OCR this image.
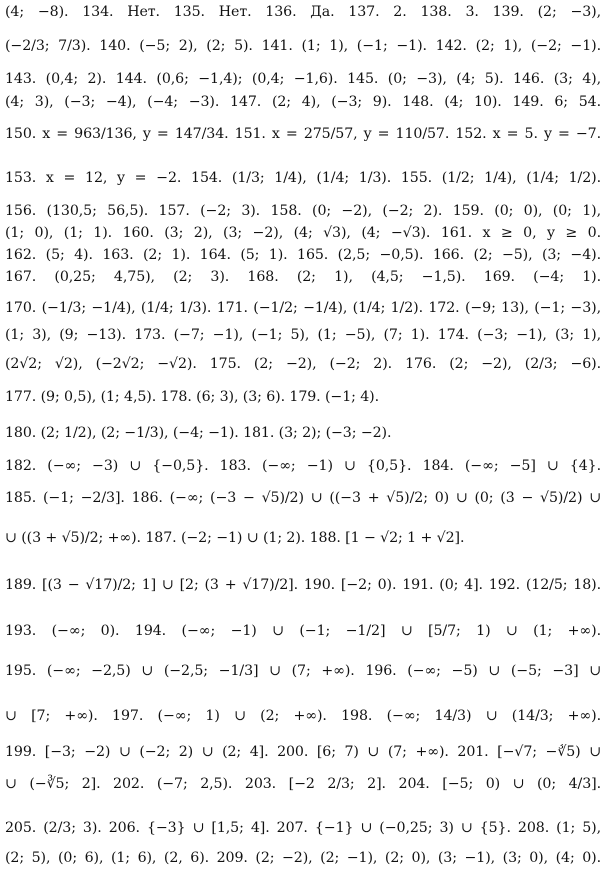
(4; −8). 134. Нет. 135. Нет. 136. Да. 137. 2. 138. 3. 139. (2; −3),
(−2/3; 7/3). 140. (−5; 2), (2; 5). 141. (1; 1), (−1; −1). 142. (2; 1), (−2; −1).
143. (0,4; 2). 144. (0,6; −1,4); (0,4; −1,6). 145. (0; −3), (4; 5). 146. (3; 4),
(4; 3), (−3; −4), (−4; −3). 147. (2; 4), (−3; 9). 148. (4; 10). 149. 6; 54.
150. x = 963/136, y = 147/34. 151. x = 275/57, y = 110/57. 152. x = 5. y = −7.
153. x = 12, y = −2. 154. (1/3; 1/4), (1/4; 1/3). 155. (1/2; 1/4), (1/4; 1/2).
156. (130,5; 56,5). 157. (−2; 3). 158. (0; −2), (−2; 2). 159. (0; 0), (0; 1),
(1; 0), (1; 1). 160. (3; 2), (3; −2), (4; √3), (4; −√3). 161. x ≥ 0, y ≥ 0.
162. (5; 4). 163. (2; 1). 164. (5; 1). 165. (2,5; −0,5). 166. (2; −5), (3; −4).
167. (0,25; 4,75), (2; 3). 168. (2; 1), (4,5; −1,5). 169. (−4; 1).
170. (−1/3; −1/4), (1/4; 1/3). 171. (−1/2; −1/4), (1/4; 1/2). 172. (−9; 13), (−1; −3),
(1; 3), (9; −13). 173. (−7; −1), (−1; 5), (1; −5), (7; 1). 174. (−3; −1), (3; 1),
(2√2; √2), (−2√2; −√2). 175. (2; −2), (−2; 2). 176. (2; −2), (2/3; −6).
177. (9; 0,5), (1; 4,5). 178. (6; 3), (3; 6). 179. (−1; 4).
180. (2; 1/2), (2; −1/3), (−4; −1). 181. (3; 2); (−3; −2).
182. (−∞; −3) ∪ {−0,5}. 183. (−∞; −1) ∪ {0,5}. 184. (−∞; −5] ∪ {4}.
185. (−1; −2/3]. 186. (−∞; (−3 − √5)/2) ∪ ((−3 + √5)/2; 0) ∪ (0; (3 − √5)/2) ∪
∪ ((3 + √5)/2; +∞). 187. (−2; −1) ∪ (1; 2). 188. [1 − √2; 1 + √2].
189. [(3 − √17)/2; 1] ∪ [2; (3 + √17)/2]. 190. [−2; 0). 191. (0; 4]. 192. (12/5; 18).
193. (−∞; 0). 194. (−∞; −1) ∪ (−1; −1/2] ∪ [5/7; 1) ∪ (1; +∞).
195. (−∞; −2,5) ∪ (−2,5; −1/3] ∪ (7; +∞). 196. (−∞; −5) ∪ (−5; −3] ∪
∪ [7; +∞). 197. (−∞; 1) ∪ (2; +∞). 198. (−∞; 14/3) ∪ (14/3; +∞).
199. [−3; −2) ∪ (−2; 2) ∪ (2; 4]. 200. [6; 7) ∪ (7; +∞). 201. [−√7; −∛5) ∪
∪ (−∛5; 2]. 202. (−7; 2,5). 203. [−2 2/3; 2]. 204. [−5; 0) ∪ (0; 4/3].
205. (2/3; 3). 206. {−3} ∪ [1,5; 4]. 207. {−1} ∪ (−0,25; 3) ∪ {5}. 208. (1; 5),
(2; 5), (0; 6), (1; 6), (2, 6). 209. (2; −2), (2; −1), (2; 0), (3; −1), (3; 0), (4; 0).
